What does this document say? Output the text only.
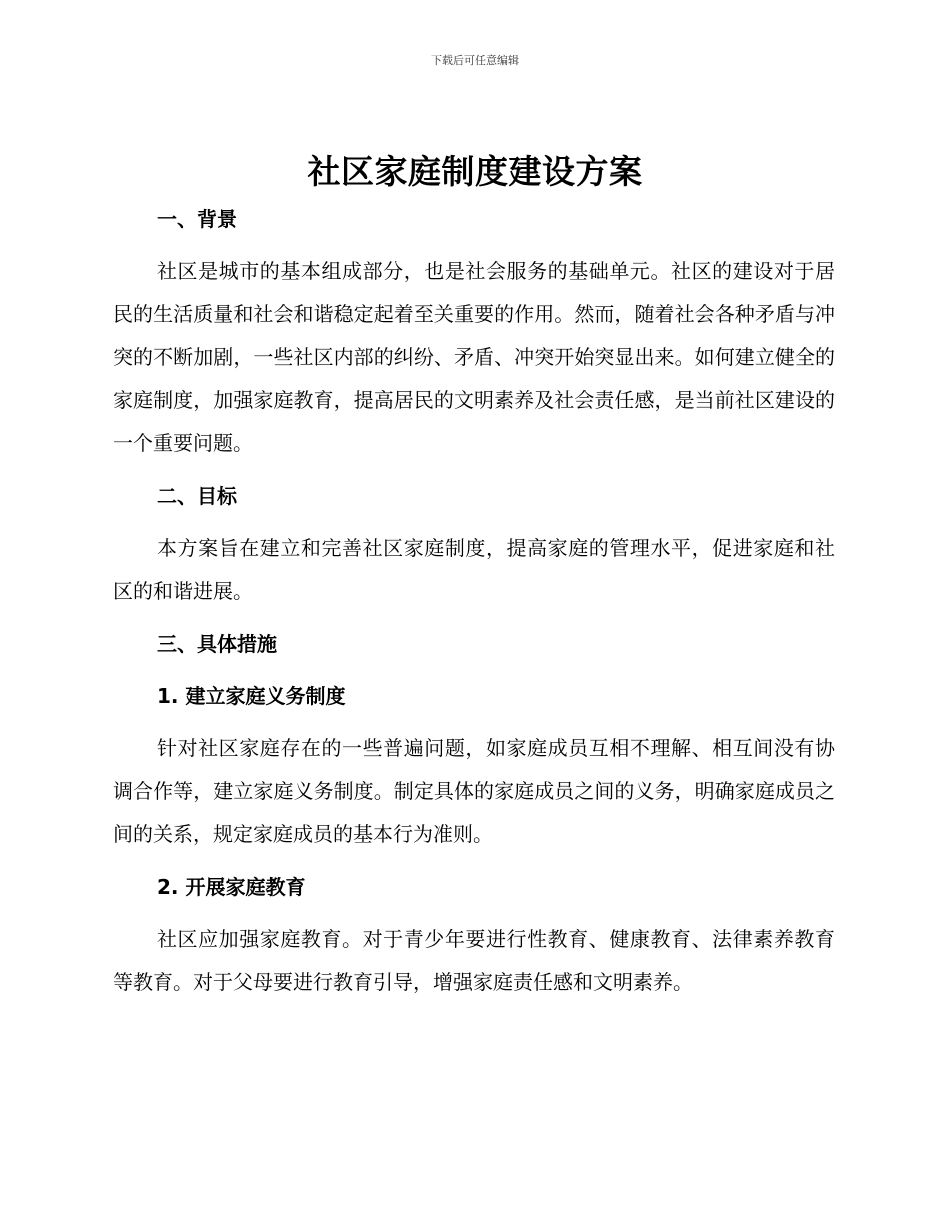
下载后可任意编辑
社区家庭制度建设方案
一、背景

社区是城市的基本组成部分，也是社会服务的基础单元。社区的建设对于居民的生活质量和社会和谐稳定起着至关重要的作用。然而，随着社会各种矛盾与冲突的不断加剧，一些社区内部的纠纷、矛盾、冲突开始突显出来。如何建立健全的家庭制度，加强家庭教育，提高居民的文明素养及社会责任感，是当前社区建设的一个重要问题。

二、目标

本方案旨在建立和完善社区家庭制度，提高家庭的管理水平，促进家庭和社区的和谐进展。

三、具体措施
1. 建立家庭义务制度

针对社区家庭存在的一些普遍问题，如家庭成员互相不理解、相互间没有协调合作等，建立家庭义务制度。制定具体的家庭成员之间的义务，明确家庭成员之间的关系，规定家庭成员的基本行为准则。

2. 开展家庭教育

社区应加强家庭教育。对于青少年要进行性教育、健康教育、法律素养教育等教育。对于父母要进行教育引导，增强家庭责任感和文明素养。
